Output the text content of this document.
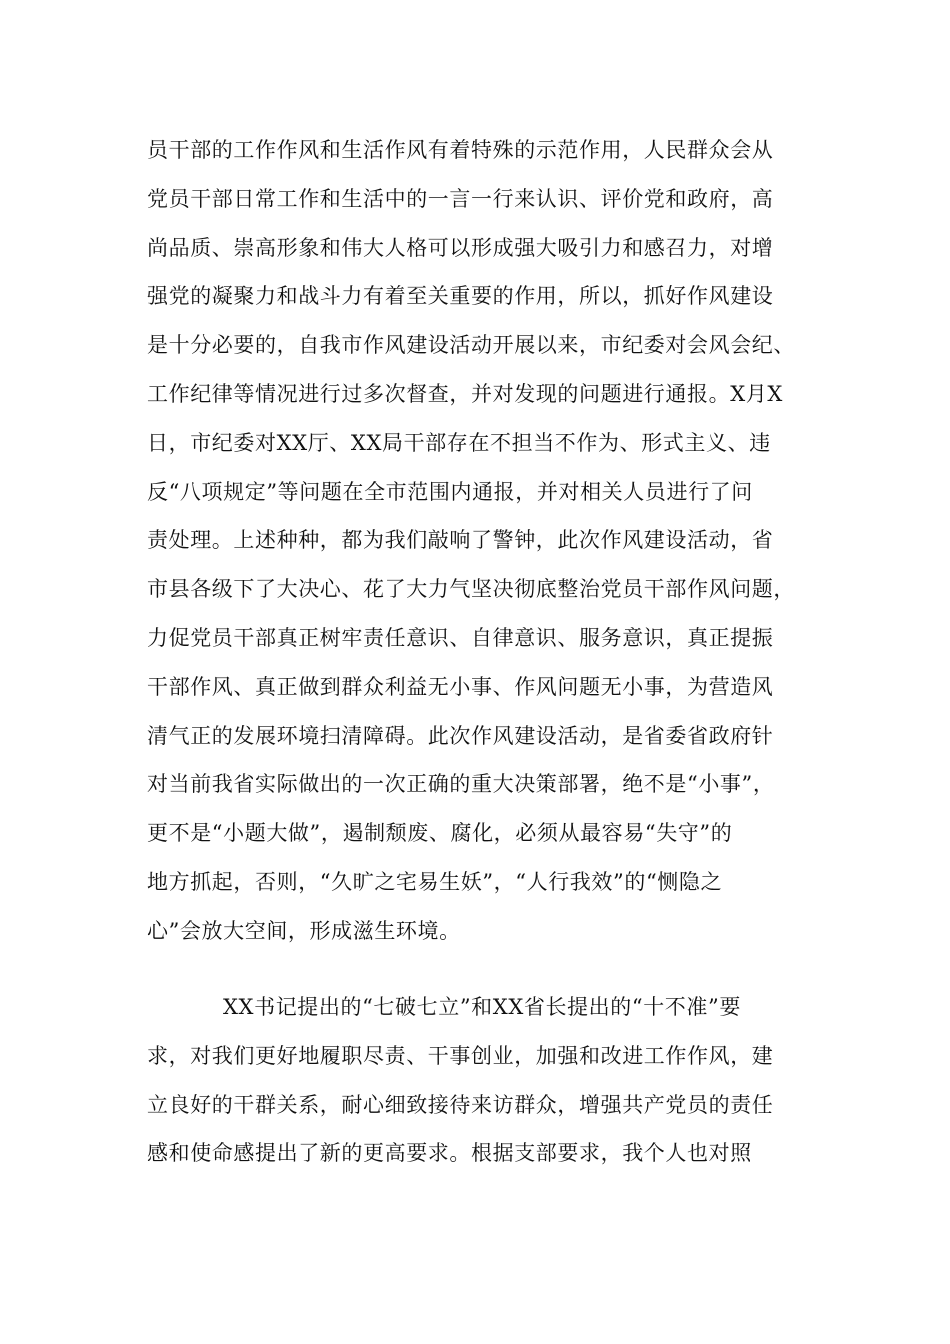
员干部的工作作风和生活作风有着特殊的示范作用，人民群众会从
党员干部日常工作和生活中的一言一行来认识、评价党和政府，高
尚品质、崇高形象和伟大人格可以形成强大吸引力和感召力，对增
强党的凝聚力和战斗力有着至关重要的作用，所以，抓好作风建设
是十分必要的，自我市作风建设活动开展以来，市纪委对会风会纪、
工作纪律等情况进行过多次督查，并对发现的问题进行通报。X月X
日，市纪委对XX厅、XX局干部存在不担当不作为、形式主义、违
反“八项规定”等问题在全市范围内通报，并对相关人员进行了问
责处理。上述种种，都为我们敲响了警钟，此次作风建设活动，省
市县各级下了大决心、花了大力气坚决彻底整治党员干部作风问题，
力促党员干部真正树牢责任意识、自律意识、服务意识，真正提振
干部作风、真正做到群众利益无小事、作风问题无小事，为营造风
清气正的发展环境扫清障碍。此次作风建设活动，是省委省政府针
对当前我省实际做出的一次正确的重大决策部署，绝不是“小事”，
更不是“小题大做”，遏制颓废、腐化，必须从最容易“失守”的
地方抓起，否则，“久旷之宅易生妖”，“人行我效”的“恻隐之
心”会放大空间，形成滋生环境。
XX书记提出的“七破七立”和XX省长提出的“十不准”要
求，对我们更好地履职尽责、干事创业，加强和改进工作作风，建
立良好的干群关系，耐心细致接待来访群众，增强共产党员的责任
感和使命感提出了新的更高要求。根据支部要求，我个人也对照
